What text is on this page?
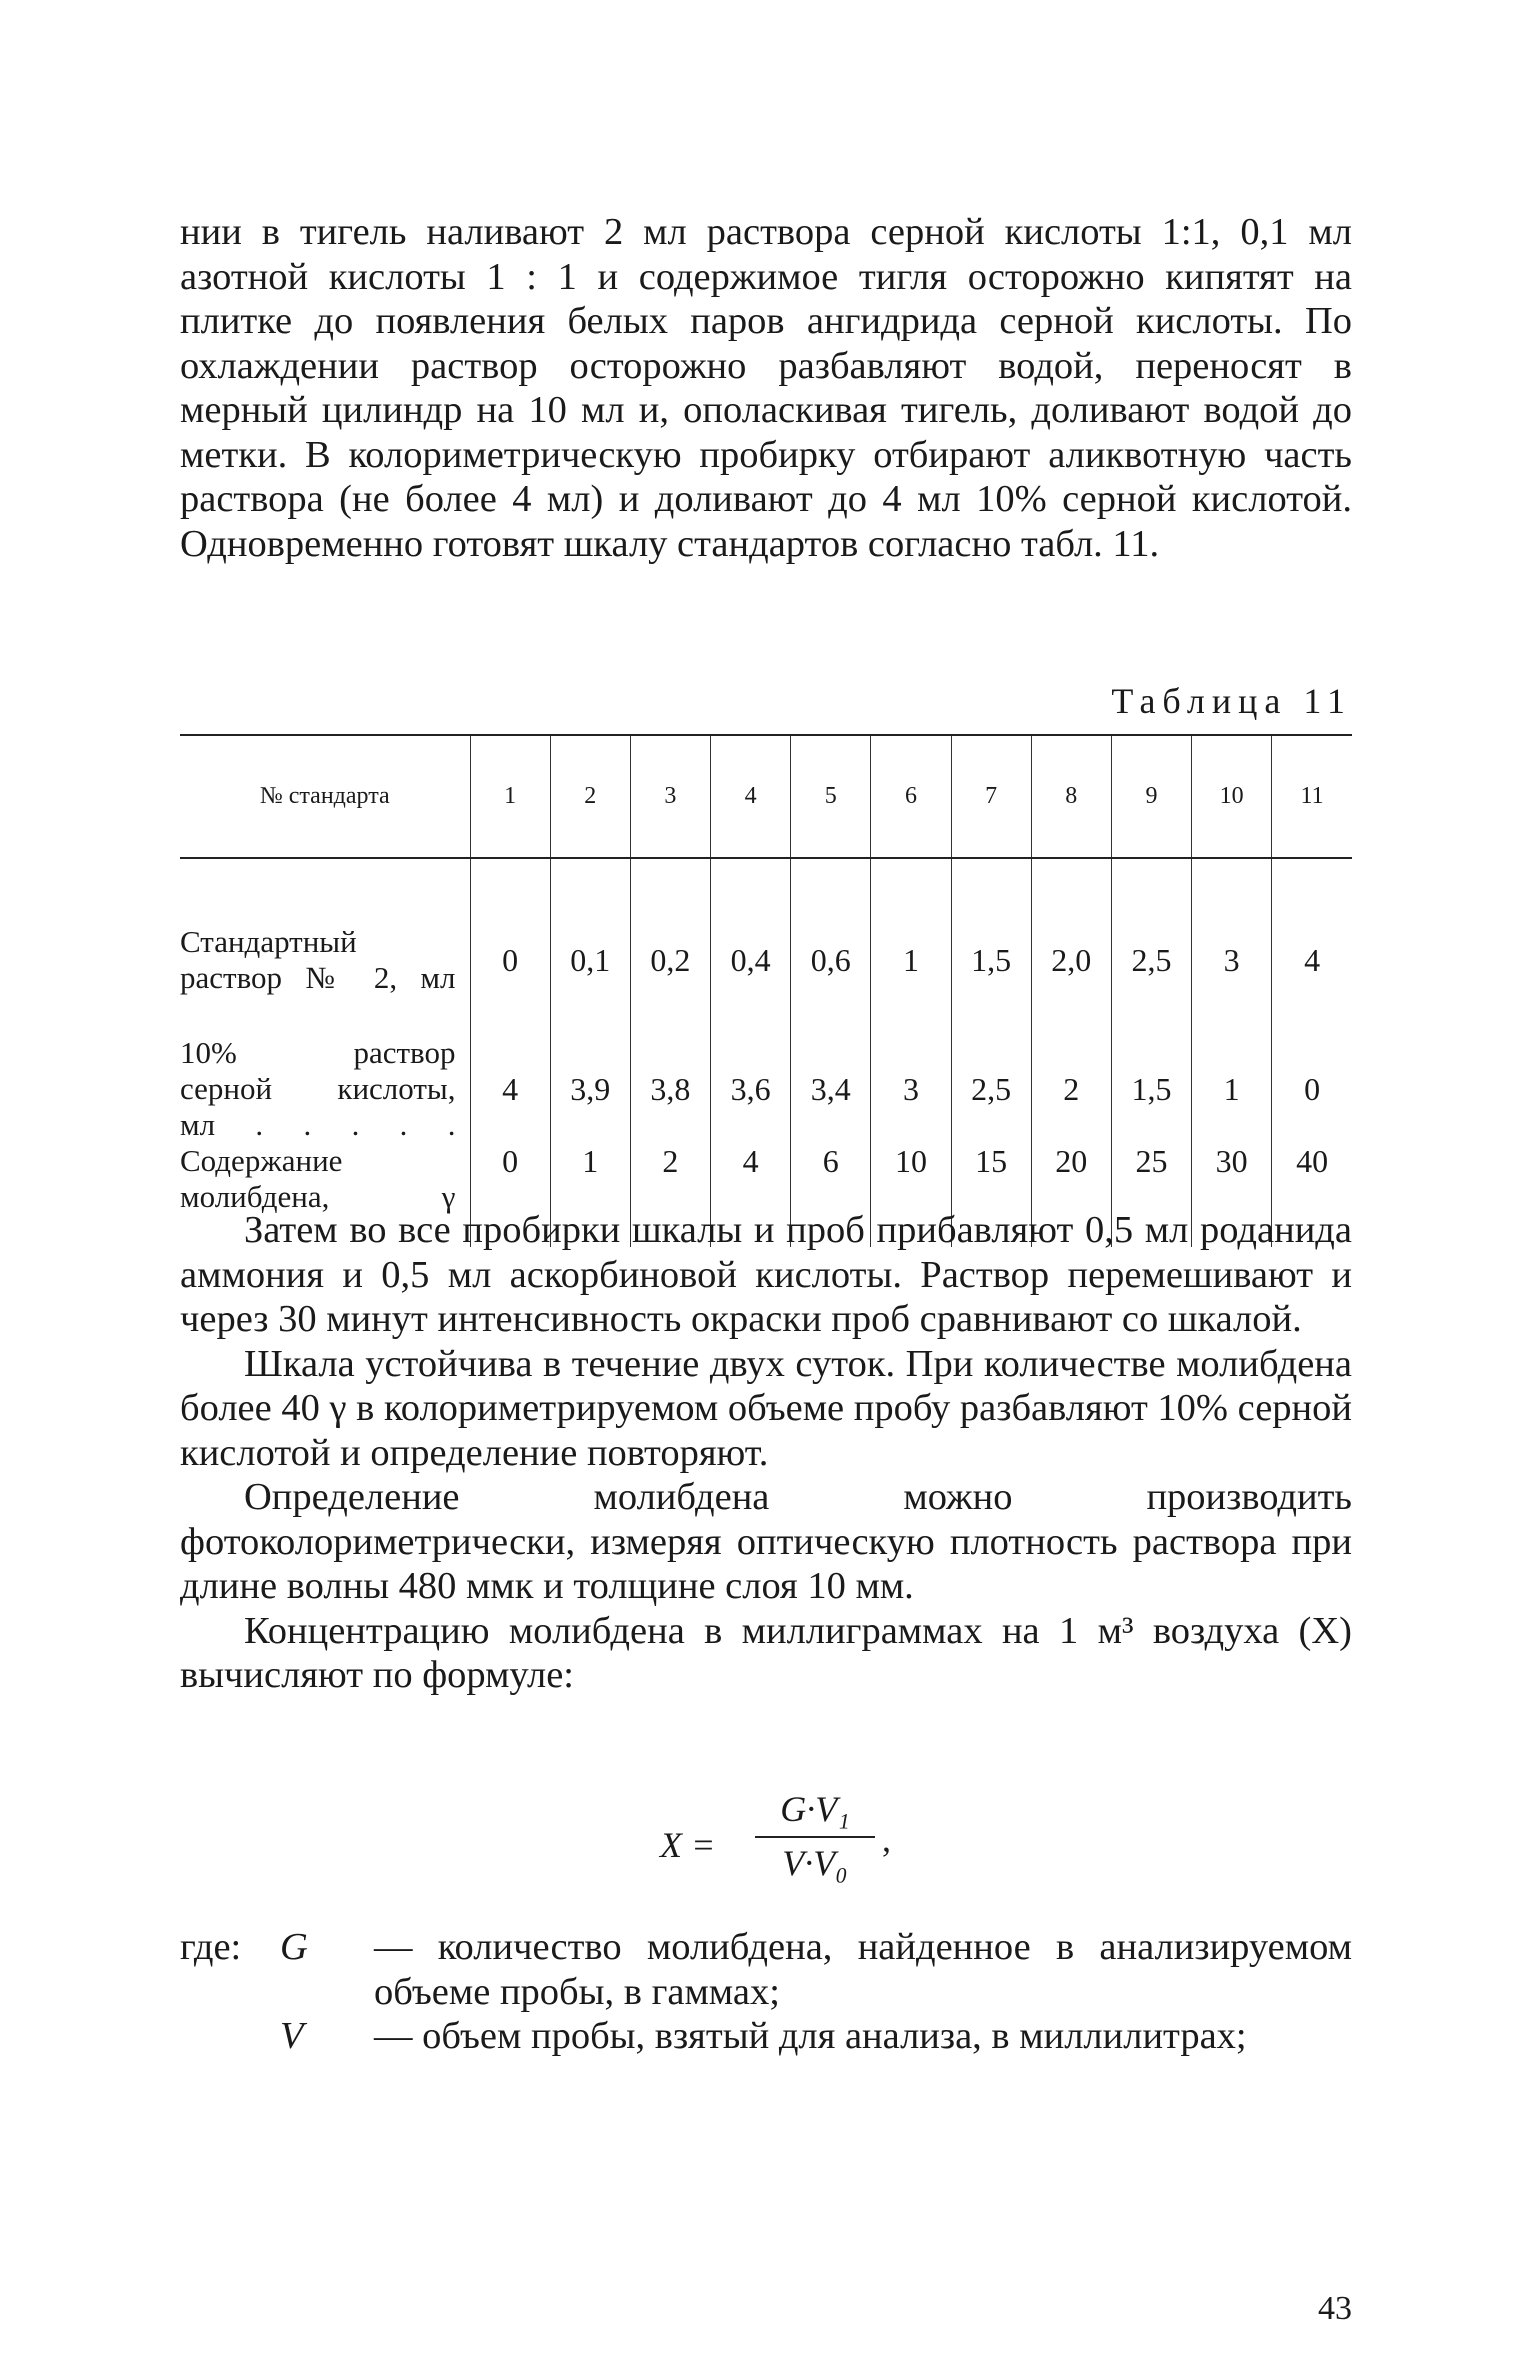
нии в тигель наливают 2 мл раствора серной кислоты 1:1, 0,1 мл азотной кислоты 1 : 1 и содержимое тигля осторожно кипятят на плитке до появления белых паров ангидрида серной кислоты. По охлаждении раствор осторожно разбавляют водой, переносят в мерный цилиндр на 10 мл и, ополаскивая тигель, доливают водой до метки. В колориметрическую пробирку отбирают аликвотную часть раствора (не более 4 мл) и доливают до 4 мл 10% серной кислотой. Одновременно готовят шкалу стандартов согласно табл. 11.

Таблица 11
№ стандарта	1	2	3	4	5	6	7	8	9	10	11

Стандартный
раствор № 2, мл	0	0,1	0,2	0,4	0,6	1	1,5	2,0	2,5	3	4

10% раствор
серной кислоты,
мл . . . . .	4	3,9	3,8	3,6	3,4	3	2,5	2	1,5	1	0

Содержание
молибдена, γ	0	1	2	4	6	10	15	20	25	30	40

Затем во все пробирки шкалы и проб прибавляют 0,5 мл роданида аммония и 0,5 мл аскорбиновой кислоты. Раствор перемешивают и через 30 минут интенсивность окраски проб сравнивают со шкалой.

Шкала устойчива в течение двух суток. При количестве молибдена более 40 γ в колориметрируемом объеме пробу разбавляют 10% серной кислотой и определение повторяют.

Определение молибдена можно производить фотоколориметрически, измеряя оптическую плотность раствора при длине волны 480 ммк и толщине слоя 10 мм.

Концентрацию молибдена в миллиграммах на 1 м³ воздуха (X) вычисляют по формуле:

X =
G·V₁
V·V₀
,
где: G — количество молибдена, найденное в анализируемом объеме пробы, в гаммах;
V — объем пробы, взятый для анализа, в миллилитрах;
43
